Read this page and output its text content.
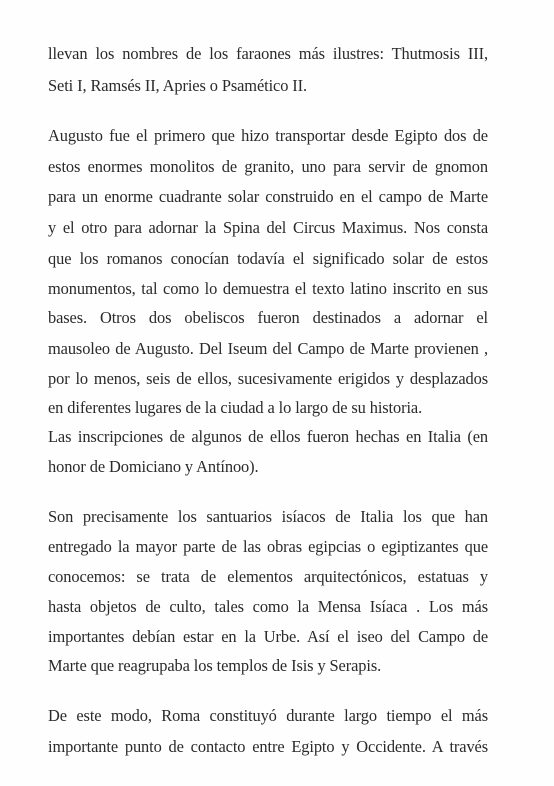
llevan los nombres de los faraones más ilustres: Thutmosis III,

Seti I, Ramsés II, Apries o Psamético II.

Augusto fue el primero que hizo transportar desde Egipto dos de

estos enormes monolitos de granito, uno para servir de gnomon

para un enorme cuadrante solar construido en el campo de Marte

y el otro para adornar la Spina del Circus Maximus. Nos consta

que los romanos conocían todavía el significado solar de estos

monumentos, tal como lo demuestra el texto latino inscrito en sus

bases. Otros dos obeliscos fueron destinados a adornar el

mausoleo de Augusto. Del Iseum del Campo de Marte provienen ,

por lo menos, seis de ellos, sucesivamente erigidos y desplazados

en diferentes lugares de la ciudad a lo largo de su historia.

Las inscripciones de algunos de ellos fueron hechas en Italia (en

honor de Domiciano y Antínoo).

Son precisamente los santuarios isíacos de Italia los que han

entregado la mayor parte de las obras egipcias o egiptizantes que

conocemos: se trata de elementos arquitectónicos, estatuas y

hasta objetos de culto, tales como la Mensa Isíaca . Los más

importantes debían estar en la Urbe. Así el iseo del Campo de

Marte que reagrupaba los templos de Isis y Serapis.

De este modo, Roma constituyó durante largo tiempo el más

importante punto de contacto entre Egipto y Occidente. A través
